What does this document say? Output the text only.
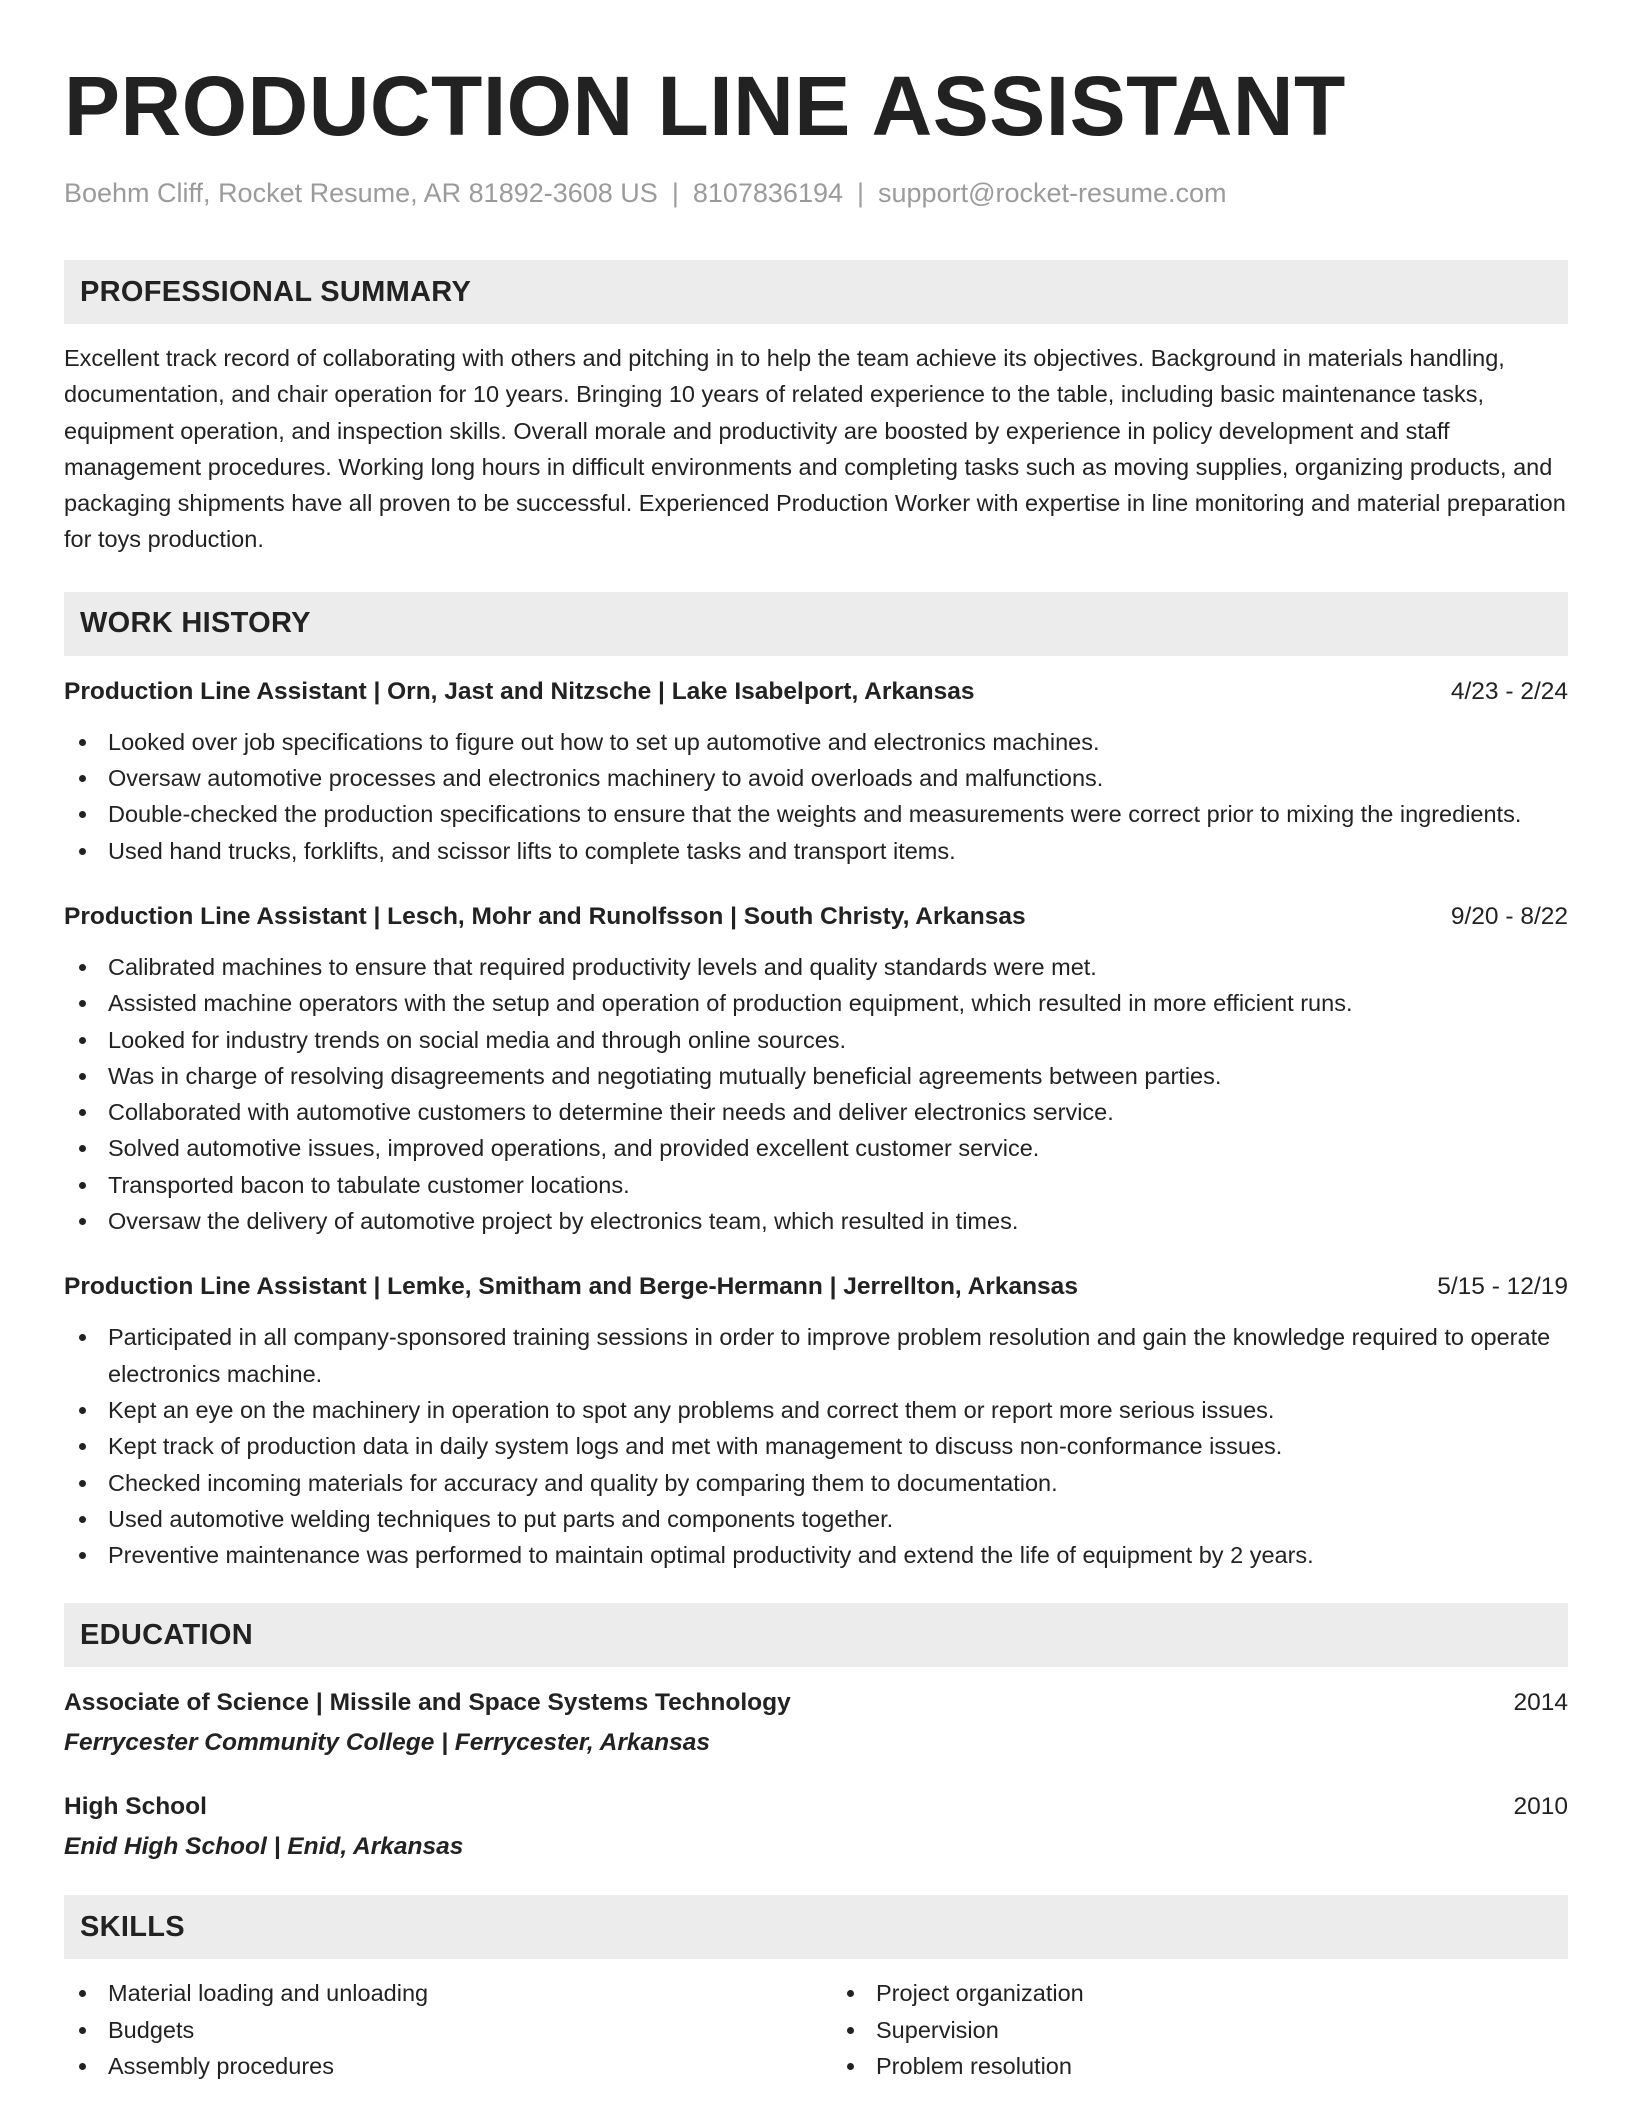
PRODUCTION LINE ASSISTANT
Boehm Cliff, Rocket Resume, AR 81892-3608 US | 8107836194 | support@rocket-resume.com
PROFESSIONAL SUMMARY

Excellent track record of collaborating with others and pitching in to help the team achieve its objectives. Background in materials handling, documentation, and chair operation for 10 years. Bringing 10 years of related experience to the table, including basic maintenance tasks, equipment operation, and inspection skills. Overall morale and productivity are boosted by experience in policy development and staff management procedures. Working long hours in difficult environments and completing tasks such as moving supplies, organizing products, and packaging shipments have all proven to be successful. Experienced Production Worker with expertise in line monitoring and material preparation for toys production.

WORK HISTORY
Production Line Assistant | Orn, Jast and Nitzsche | Lake Isabelport, Arkansas	4/23 - 2/24
Looked over job specifications to figure out how to set up automotive and electronics machines.
Oversaw automotive processes and electronics machinery to avoid overloads and malfunctions.
Double-checked the production specifications to ensure that the weights and measurements were correct prior to mixing the ingredients.
Used hand trucks, forklifts, and scissor lifts to complete tasks and transport items.
Production Line Assistant | Lesch, Mohr and Runolfsson | South Christy, Arkansas	9/20 - 8/22
Calibrated machines to ensure that required productivity levels and quality standards were met.
Assisted machine operators with the setup and operation of production equipment, which resulted in more efficient runs.
Looked for industry trends on social media and through online sources.
Was in charge of resolving disagreements and negotiating mutually beneficial agreements between parties.
Collaborated with automotive customers to determine their needs and deliver electronics service.
Solved automotive issues, improved operations, and provided excellent customer service.
Transported bacon to tabulate customer locations.
Oversaw the delivery of automotive project by electronics team, which resulted in times.
Production Line Assistant | Lemke, Smitham and Berge-Hermann | Jerrellton, Arkansas	5/15 - 12/19
Participated in all company-sponsored training sessions in order to improve problem resolution and gain the knowledge required to operate electronics machine.
Kept an eye on the machinery in operation to spot any problems and correct them or report more serious issues.
Kept track of production data in daily system logs and met with management to discuss non-conformance issues.
Checked incoming materials for accuracy and quality by comparing them to documentation.
Used automotive welding techniques to put parts and components together.
Preventive maintenance was performed to maintain optimal productivity and extend the life of equipment by 2 years.
EDUCATION
Associate of Science | Missile and Space Systems Technology	2014
Ferrycester Community College | Ferrycester, Arkansas
High School	2010
Enid High School | Enid, Arkansas
SKILLS
Material loading and unloading
Budgets
Assembly procedures
Project organization
Supervision
Problem resolution
